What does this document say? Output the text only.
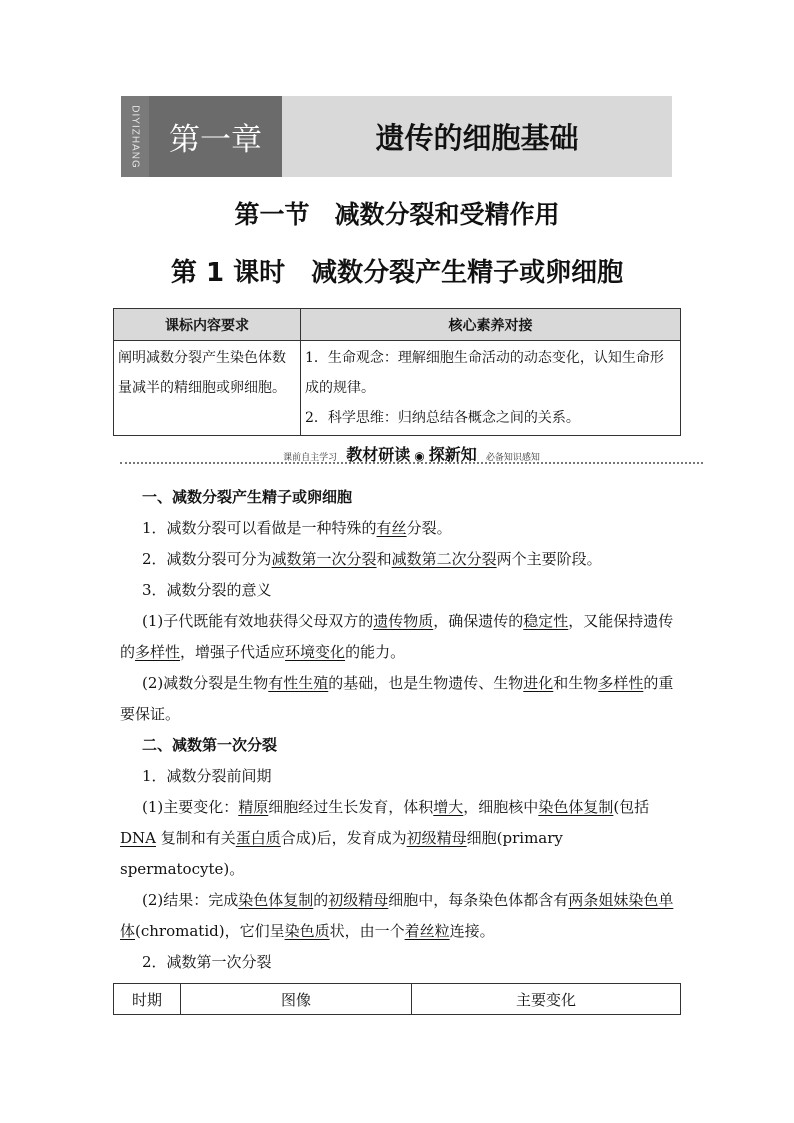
DIYIZHANG 第一章	遗传的细胞基础
第一节　减数分裂和受精作用
第 1 课时　减数分裂产生精子或卵细胞
课标内容要求	核心素养对接
阐明减数分裂产生染色体数量减半的精细胞或卵细胞。	1．生命观念：理解细胞生命活动的动态变化，认知生命形成的规律。
2．科学思维：归纳总结各概念之间的关系。
课前自主学习 教材研读 ◉ 探新知 必备知识感知
一、减数分裂产生精子或卵细胞
1．减数分裂可以看做是一种特殊的有丝分裂。
2．减数分裂可分为减数第一次分裂和减数第二次分裂两个主要阶段。
3．减数分裂的意义
(1)子代既能有效地获得父母双方的遗传物质，确保遗传的稳定性，又能保持遗传的多样性，增强子代适应环境变化的能力。
(2)减数分裂是生物有性生殖的基础，也是生物遗传、生物进化和生物多样性的重要保证。
二、减数第一次分裂
1．减数分裂前间期
(1)主要变化：精原细胞经过生长发育，体积增大，细胞核中染色体复制(包括 DNA 复制和有关蛋白质合成)后，发育成为初级精母细胞(primary spermatocyte)。
(2)结果：完成染色体复制的初级精母细胞中，每条染色体都含有两条姐妹染色单体(chromatid)，它们呈染色质状，由一个着丝粒连接。
2．减数第一次分裂
时期	图像	主要变化
